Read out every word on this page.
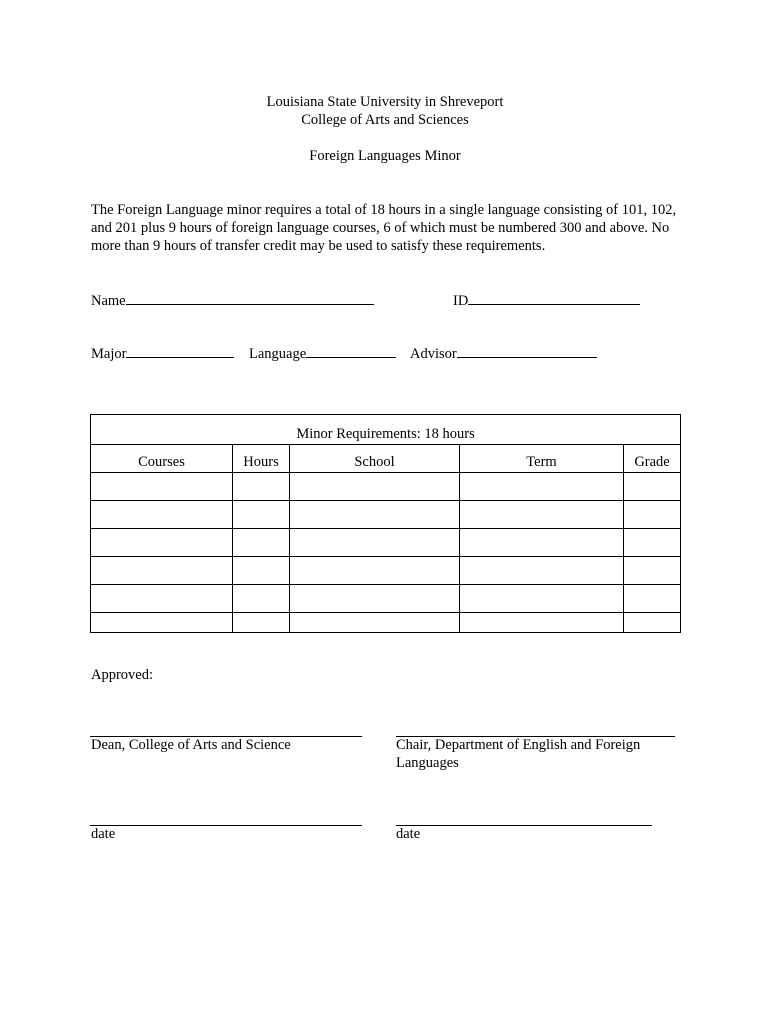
Louisiana State University in Shreveport
College of Arts and Sciences
Foreign Languages Minor
The Foreign Language minor requires a total of 18 hours in a single language consisting of 101, 102, and 201 plus 9 hours of foreign language courses, 6 of which must be numbered 300 and above. No more than 9 hours of transfer credit may be used to satisfy these requirements.
Name	ID
Major	Language	Advisor
Minor Requirements: 18 hours				
Courses	Hours	School	Term	Grade

Approved:
Dean, College of Arts and Science	Chair, Department of English and Foreign
Languages
date	date
